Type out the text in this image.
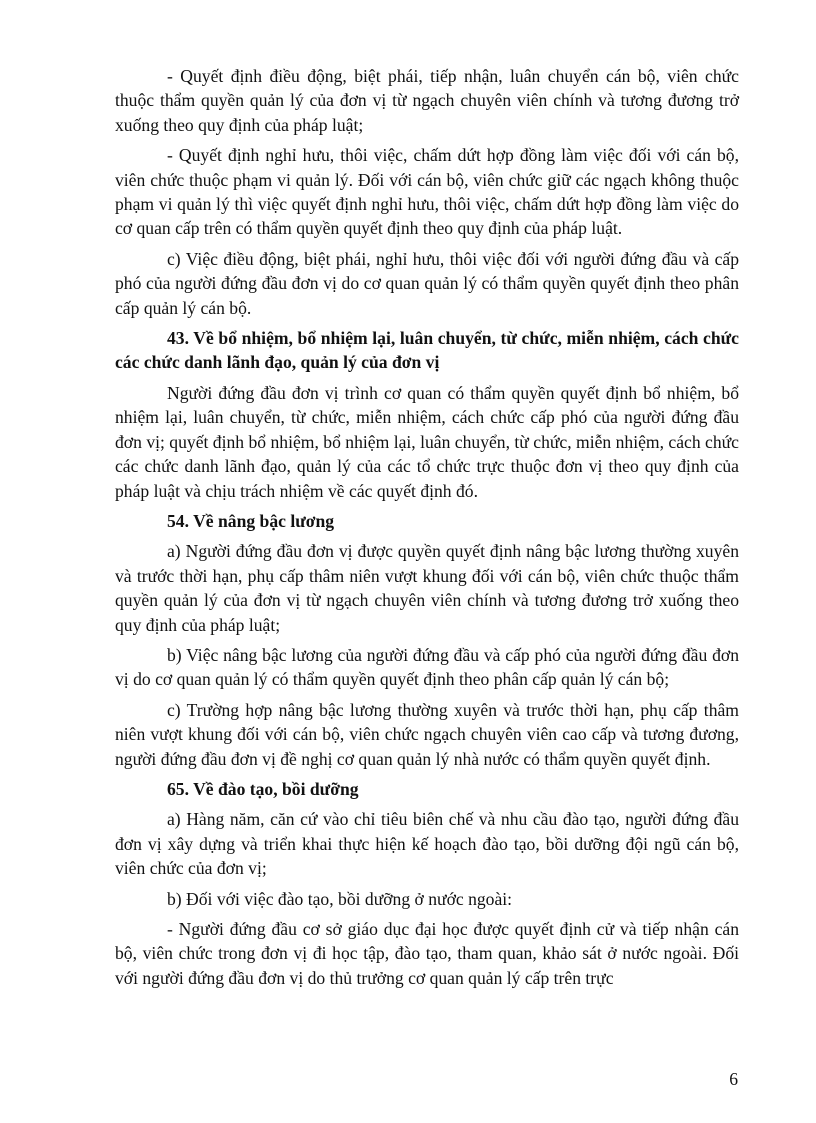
- Quyết định điều động, biệt phái, tiếp nhận, luân chuyển cán bộ, viên chức thuộc thẩm quyền quản lý của đơn vị từ ngạch chuyên viên chính và tương đương trở xuống theo quy định của pháp luật;

- Quyết định nghỉ hưu, thôi việc, chấm dứt hợp đồng làm việc đối với cán bộ, viên chức thuộc phạm vi quản lý. Đối với cán bộ, viên chức giữ các ngạch không thuộc phạm vi quản lý thì việc quyết định nghỉ hưu, thôi việc, chấm dứt hợp đồng làm việc do cơ quan cấp trên có thẩm quyền quyết định theo quy định của pháp luật.

c) Việc điều động, biệt phái, nghỉ hưu, thôi việc đối với người đứng đầu và cấp phó của người đứng đầu đơn vị do cơ quan quản lý có thẩm quyền quyết định theo phân cấp quản lý cán bộ.

43. Về bổ nhiệm, bổ nhiệm lại, luân chuyển, từ chức, miễn nhiệm, cách chức các chức danh lãnh đạo, quản lý của đơn vị

Người đứng đầu đơn vị trình cơ quan có thẩm quyền quyết định bổ nhiệm, bổ nhiệm lại, luân chuyển, từ chức, miễn nhiệm, cách chức cấp phó của người đứng đầu đơn vị; quyết định bổ nhiệm, bổ nhiệm lại, luân chuyển, từ chức, miễn nhiệm, cách chức các chức danh lãnh đạo, quản lý của các tổ chức trực thuộc đơn vị theo quy định của pháp luật và chịu trách nhiệm về các quyết định đó.

54. Về nâng bậc lương

a) Người đứng đầu đơn vị được quyền quyết định nâng bậc lương thường xuyên và trước thời hạn, phụ cấp thâm niên vượt khung đối với cán bộ, viên chức thuộc thẩm quyền quản lý của đơn vị từ ngạch chuyên viên chính và tương đương trở xuống theo quy định của pháp luật;

b) Việc nâng bậc lương của người đứng đầu và cấp phó của người đứng đầu đơn vị do cơ quan quản lý có thẩm quyền quyết định theo phân cấp quản lý cán bộ;

c) Trường hợp nâng bậc lương thường xuyên và trước thời hạn, phụ cấp thâm niên vượt khung đối với cán bộ, viên chức ngạch chuyên viên cao cấp và tương đương, người đứng đầu đơn vị đề nghị cơ quan quản lý nhà nước có thẩm quyền quyết định.

65. Về đào tạo, bồi dưỡng

a) Hàng năm, căn cứ vào chỉ tiêu biên chế và nhu cầu đào tạo, người đứng đầu đơn vị xây dựng và triển khai thực hiện kế hoạch đào tạo, bồi dưỡng đội ngũ cán bộ, viên chức của đơn vị;

b) Đối với việc đào tạo, bồi dưỡng ở nước ngoài:

- Người đứng đầu cơ sở giáo dục đại học được quyết định cử và tiếp nhận cán bộ, viên chức trong đơn vị đi học tập, đào tạo, tham quan, khảo sát ở nước ngoài. Đối với người đứng đầu đơn vị do thủ trưởng cơ quan quản lý cấp trên trực

6
